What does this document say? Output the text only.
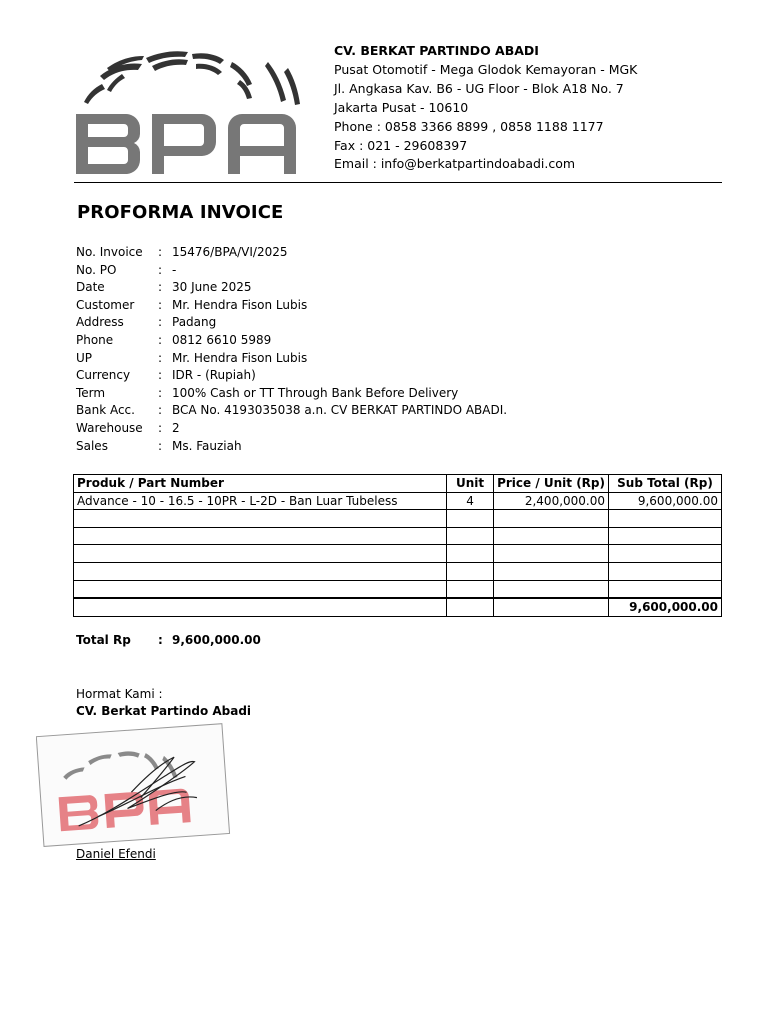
CV. BERKAT PARTINDO ABADI
Pusat Otomotif - Mega Glodok Kemayoran - MGK
Jl. Angkasa Kav. B6 - UG Floor - Blok A18 No. 7
Jakarta Pusat - 10610
Phone : 0858 3366 8899 , 0858 1188 1177
Fax : 021 - 29608397
Email : info@berkatpartindoabadi.com
PROFORMA INVOICE
No. Invoice : 15476/BPA/VI/2025
No. PO	: -
Date	: 30 June 2025
Customer : Mr. Hendra Fison Lubis
Address	: Padang
Phone	: 0812 6610 5989
UP	: Mr. Hendra Fison Lubis
Currency : IDR - (Rupiah)
Term	: 100% Cash or TT Through Bank Before Delivery
Bank Acc. : BCA No. 4193035038 a.n. CV BERKAT PARTINDO ABADI.
Warehouse : 2
Sales	: Ms. Fauziah
Produk / Part Number	Unit	Price / Unit (Rp)	Sub Total (Rp)
Advance - 10 - 16.5 - 10PR - L-2D - Ban Luar Tubeless	4	2,400,000.00	9,600,000.00

			9,600,000.00
Total Rp : 9,600,000.00
Hormat Kami :
CV. Berkat Partindo Abadi
Daniel Efendi
